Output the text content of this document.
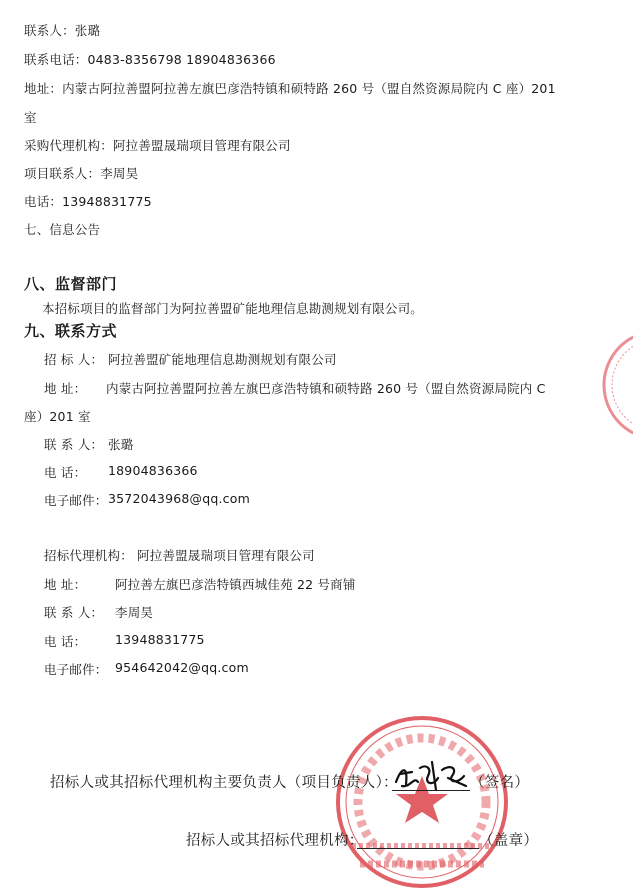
联系人：张璐
联系电话：0483-8356798 18904836366
地址：内蒙古阿拉善盟阿拉善左旗巴彦浩特镇和硕特路 260 号（盟自然资源局院内 C 座）201
室
采购代理机构：阿拉善盟晟瑞项目管理有限公司
项目联系人：李周昊
电话：13948831775
七、信息公告
八、监督部门
本招标项目的监督部门为阿拉善盟矿能地理信息勘测规划有限公司。
九、联系方式
招 标 人： 阿拉善盟矿能地理信息勘测规划有限公司
地 址： 内蒙古阿拉善盟阿拉善左旗巴彦浩特镇和硕特路 260 号（盟自然资源局院内 C
座）201 室
联 系 人： 张璐
电 话： 18904836366
电子邮件： 3572043968@qq.com
招标代理机构： 阿拉善盟晟瑞项目管理有限公司
地 址： 阿拉善左旗巴彦浩特镇西城佳苑 22 号商铺
联 系 人： 李周昊
电 话： 13948831775
电子邮件： 954642042@qq.com
招标人或其招标代理机构主要负责人（项目负责人）：	（签名）
招标人或其招标代理机构：	（盖章）
